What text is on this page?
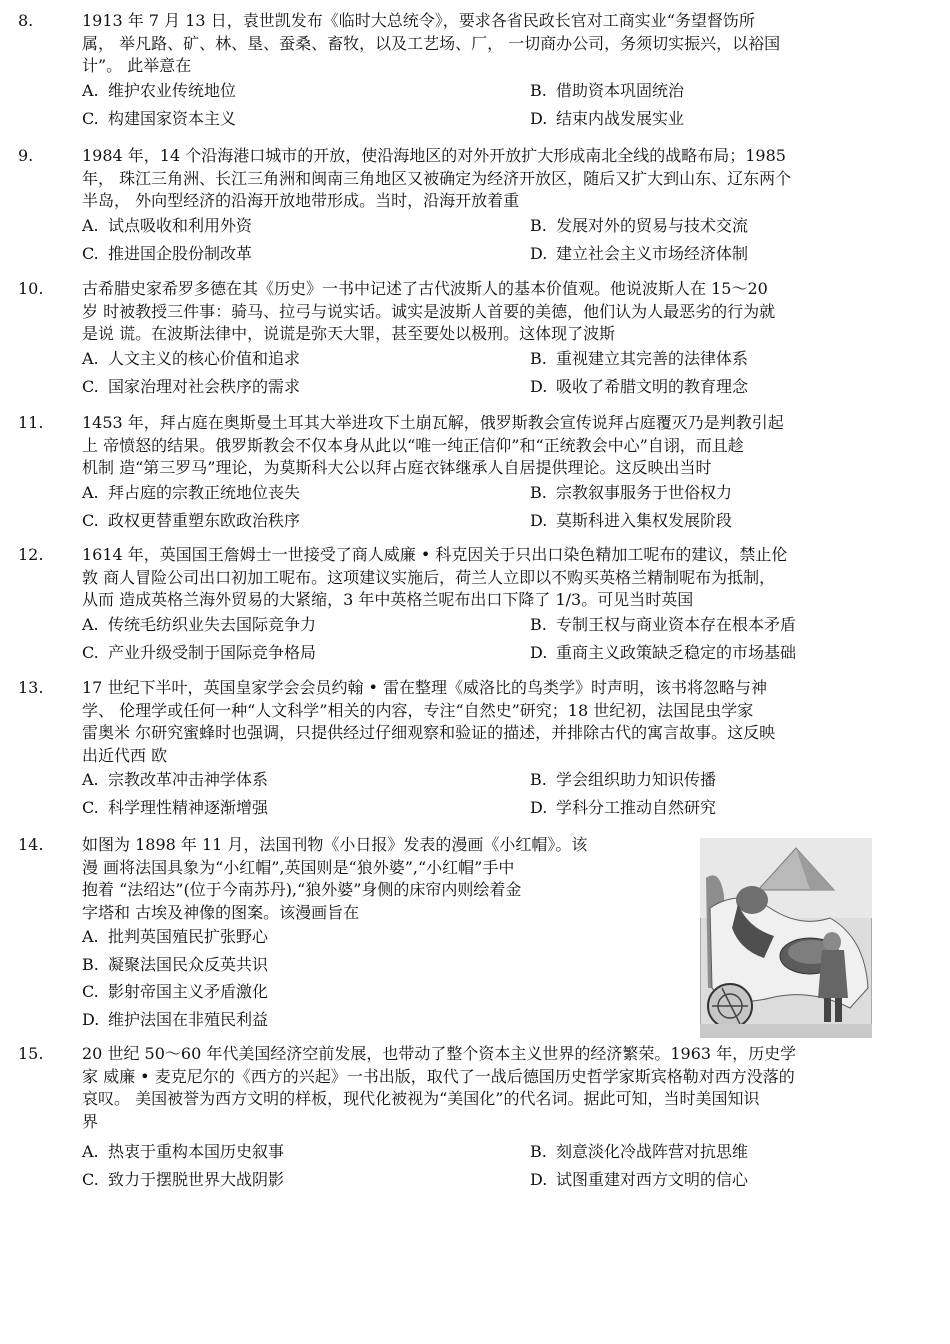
8.	1913 年 7 月 13 日，袁世凯发布《临时大总统令》，要求各省民政长官对工商实业“务望督饬所
属， 举凡路、矿、林、垦、蚕桑、畜牧，以及工艺场、厂， 一切商办公司，务须切实振兴，以裕国
计”。 此举意在

A. 维护农业传统地位	B. 借助资本巩固统治
C. 构建国家资本主义	D. 结束内战发展实业

9.	1984 年，14 个沿海港口城市的开放，使沿海地区的对外开放扩大形成南北全线的战略布局；1985
年， 珠江三角洲、长江三角洲和闽南三角地区又被确定为经济开放区，随后又扩大到山东、辽东两个
半岛， 外向型经济的沿海开放地带形成。当时，沿海开放着重

A. 试点吸收和利用外资	B. 发展对外的贸易与技术交流
C. 推进国企股份制改革	D. 建立社会主义市场经济体制

10. 古希腊史家希罗多德在其《历史》一书中记述了古代波斯人的基本价值观。他说波斯人在 15～20
岁 时被教授三件事：骑马、拉弓与说实话。诚实是波斯人首要的美德，他们认为人最恶劣的行为就
是说 谎。在波斯法律中，说谎是弥天大罪，甚至要处以极刑。这体现了波斯

A. 人文主义的核心价值和追求	B. 重视建立其完善的法律体系
C. 国家治理对社会秩序的需求	D. 吸收了希腊文明的教育理念

11. 1453 年，拜占庭在奥斯曼土耳其大举进攻下土崩瓦解，俄罗斯教会宣传说拜占庭覆灭乃是判教引起
上 帝愤怒的结果。俄罗斯教会不仅本身从此以“唯一纯正信仰”和“正统教会中心”自诩，而且趁
机制 造“第三罗马”理论，为莫斯科大公以拜占庭衣钵继承人自居提供理论。这反映出当时

A. 拜占庭的宗教正统地位丧失	B. 宗教叙事服务于世俗权力
C. 政权更替重塑东欧政治秩序	D. 莫斯科进入集权发展阶段

12. 1614 年，英国国王詹姆士一世接受了商人威廉 • 科克因关于只出口染色精加工呢布的建议，禁止伦
敦 商人冒险公司出口初加工呢布。这项建议实施后，荷兰人立即以不购买英格兰精制呢布为抵制，
从而 造成英格兰海外贸易的大紧缩，3 年中英格兰呢布出口下降了 1/3。可见当时英国

A. 传统毛纺织业失去国际竞争力	B. 专制王权与商业资本存在根本矛盾
C. 产业升级受制于国际竞争格局	D. 重商主义政策缺乏稳定的市场基础

13. 17 世纪下半叶，英国皇家学会会员约翰 • 雷在整理《威洛比的鸟类学》时声明，该书将忽略与神
学、 伦理学或任何一种“人文科学”相关的内容，专注“自然史”研究；18 世纪初，法国昆虫学家
雷奥米 尔研究蜜蜂时也强调，只提供经过仔细观察和验证的描述，并排除古代的寓言故事。这反映
出近代西 欧

A. 宗教改革冲击神学体系	B. 学会组织助力知识传播
C. 科学理性精神逐渐增强	D. 学科分工推动自然研究

14. 如图为 1898 年 11 月，法国刊物《小日报》发表的漫画《小红帽》。该
漫 画将法国具象为“小红帽”,英国则是“狼外婆”,“小红帽”手中
抱着 “法绍达”(位于今南苏丹),“狼外婆”身侧的床帘内则绘着金
字塔和 古埃及神像的图案。该漫画旨在

A. 批判英国殖民扩张野心
B. 凝聚法国民众反英共识
C. 影射帝国主义矛盾激化
D. 维护法国在非殖民利益

15. 20 世纪 50～60 年代美国经济空前发展，也带动了整个资本主义世界的经济繁荣。1963 年，历史学
家 威廉 • 麦克尼尔的《西方的兴起》一书出版，取代了一战后德国历史哲学家斯宾格勒对西方没落的
哀叹。 美国被誉为西方文明的样板，现代化被视为“美国化”的代名词。据此可知，当时美国知识
界

A. 热衷于重构本国历史叙事	B. 刻意淡化冷战阵营对抗思维
C. 致力于摆脱世界大战阴影	D. 试图重建对西方文明的信心
